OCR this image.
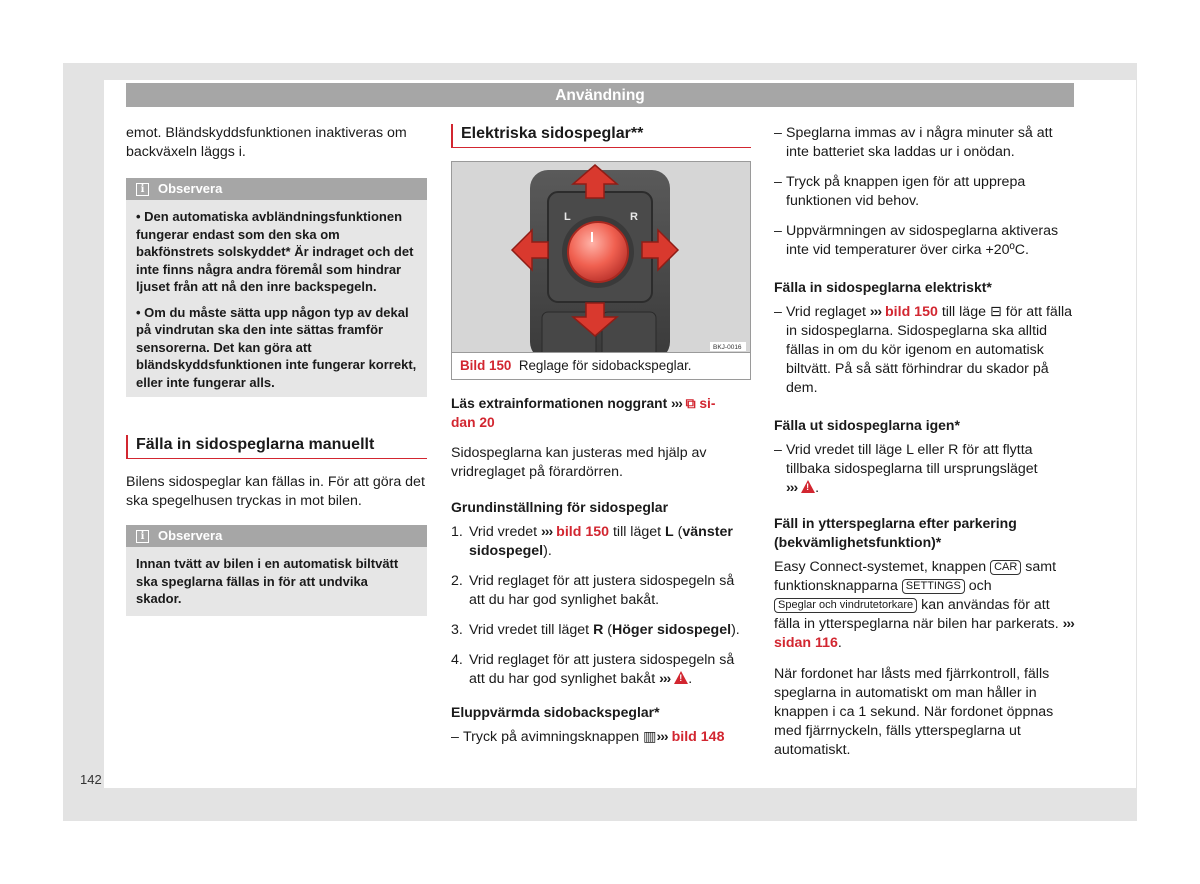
Användning

emot. Bländskyddsfunktionen inaktiveras om backväxeln läggs i.

i	Observera
• Den automatiska avbländningsfunktionen fungerar endast som den ska om bakfönstrets solskyddet* Är indraget och det inte finns några andra föremål som hindrar ljuset från att nå den inre backspegeln.
• Om du måste sätta upp någon typ av dekal på vindrutan ska den inte sättas framför sensorerna. Det kan göra att bländskyddsfunktionen inte fungerar korrekt, eller inte fungerar alls.
Fälla in sidospeglarna manuellt

Bilens sidospeglar kan fällas in. För att göra det ska spegelhusen tryckas in mot bilen.

i	Observera
Innan tvätt av bilen i en automatisk biltvätt ska speglarna fällas in för att undvika skador.
Elektriska sidospeglar**
L	R
BKJ-0016
Bild 150 Reglage för sidobackspeglar.

Läs extrainformationen noggrant ››› ⧉ si-
dan 20

Sidospeglarna kan justeras med hjälp av vridreglaget på förardörren.

Grundinställning för sidospeglar
1. Vrid vredet ››› bild 150 till läget L (vänster sidospegel).
2. Vrid reglaget för att justera sidospegeln så att du har god synlighet bakåt.
3. Vrid vredet till läget R (Höger sidospegel).
4. Vrid reglaget för att justera sidospegeln så att du har god synlighet bakåt ››› ! .
Eluppvärmda sidobackspeglar*
– Tryck på avimningsknappen ▥››› bild 148
– Speglarna immas av i några minuter så att inte batteriet ska laddas ur i onödan.
– Tryck på knappen igen för att upprepa funktionen vid behov.
– Uppvärmningen av sidospeglarna aktiveras inte vid temperaturer över cirka +20ºC.
Fälla in sidospeglarna elektriskt*
– Vrid reglaget ››› bild 150 till läge ⊟ för att fälla in sidospeglarna. Sidospeglarna ska alltid fällas in om du kör igenom en automatisk biltvätt. På så sätt förhindrar du skador på dem.
Fälla ut sidospeglarna igen*
– Vrid vredet till läge L eller R för att flytta tillbaka sidospeglarna till ursprungsläget
››› ! .
Fäll in ytterspeglarna efter parkering (bekvämlighetsfunktion)*

Easy Connect-systemet, knappen CAR samt funktionsknapparna SETTINGS och Speglar och vindrutetorkare kan användas för att fälla in ytterspeglarna när bilen har parkerats. ››› sidan 116.

När fordonet har låsts med fjärrkontroll, fälls speglarna in automatiskt om man håller in knappen i ca 1 sekund. När fordonet öppnas med fjärrnyckeln, fälls ytterspeglarna ut automatiskt.

142
